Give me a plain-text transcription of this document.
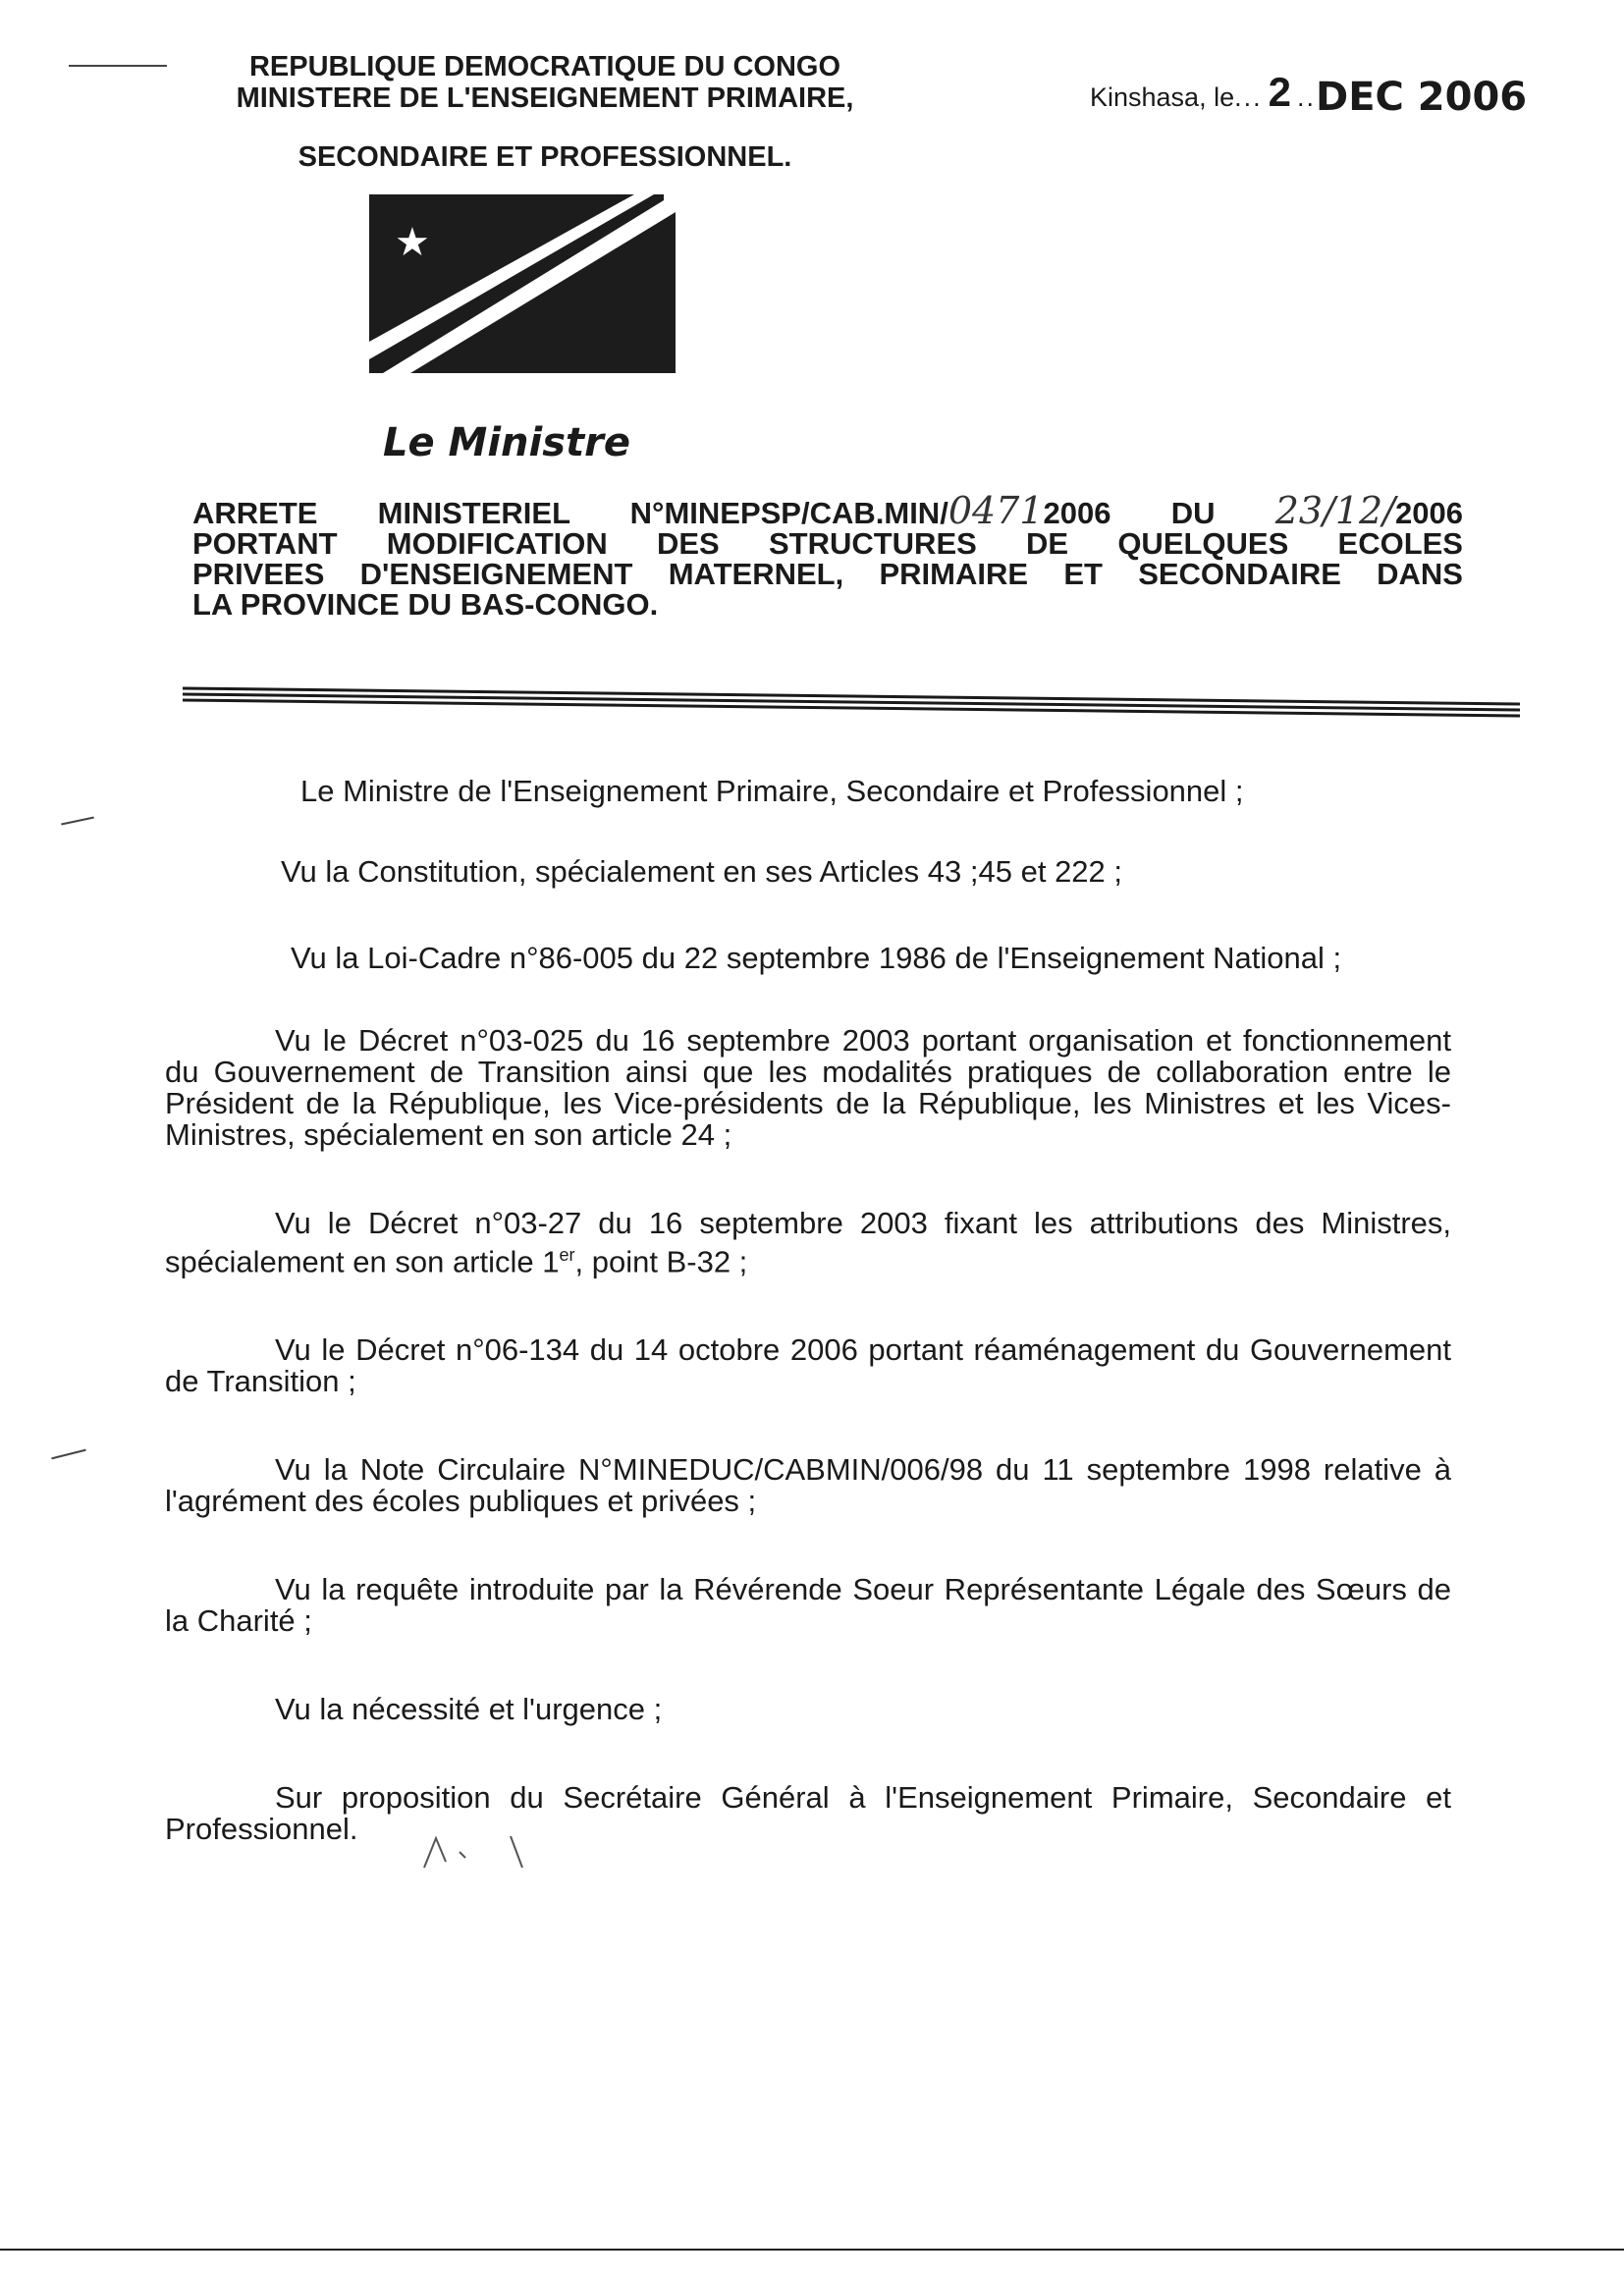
REPUBLIQUE DEMOCRATIQUE DU CONGO
MINISTERE DE L'ENSEIGNEMENT PRIMAIRE,
SECONDAIRE ET PROFESSIONNEL.
Kinshasa, le... 2 ..DEC 2006
★
Le Ministre

ARRETE MINISTERIEL N°MINEPSP/CAB.MIN/04712006 DU 23/12/2006

PORTANT MODIFICATION DES STRUCTURES DE QUELQUES ECOLES

PRIVEES D'ENSEIGNEMENT MATERNEL, PRIMAIRE ET SECONDAIRE DANS

LA PROVINCE DU BAS-CONGO.

Le Ministre de l'Enseignement Primaire, Secondaire et Professionnel ;

Vu la Constitution, spécialement en ses Articles 43 ;45 et 222 ;

Vu la Loi-Cadre n°86-005 du 22 septembre 1986 de l'Enseignement National ;

Vu le Décret n°03-025 du 16 septembre 2003 portant organisation et fonctionnement du Gouvernement de Transition ainsi que les modalités pratiques de collaboration entre le Président de la République, les Vice-présidents de la République, les Ministres et les Vices-Ministres, spécialement en son article 24 ;

Vu le Décret n°03-27 du 16 septembre 2003 fixant les attributions des Ministres, spécialement en son article 1er, point B-32 ;

Vu le Décret n°06-134 du 14 octobre 2006 portant réaménagement du Gouvernement de Transition ;

Vu la Note Circulaire N°MINEDUC/CABMIN/006/98 du 11 septembre 1998 relative à l'agrément des écoles publiques et privées ;

Vu la requête introduite par la Révérende Soeur Représentante Légale des Sœurs de la Charité ;

Vu la nécessité et l'urgence ;

Sur proposition du Secrétaire Général à l'Enseignement Primaire, Secondaire et Professionnel.
